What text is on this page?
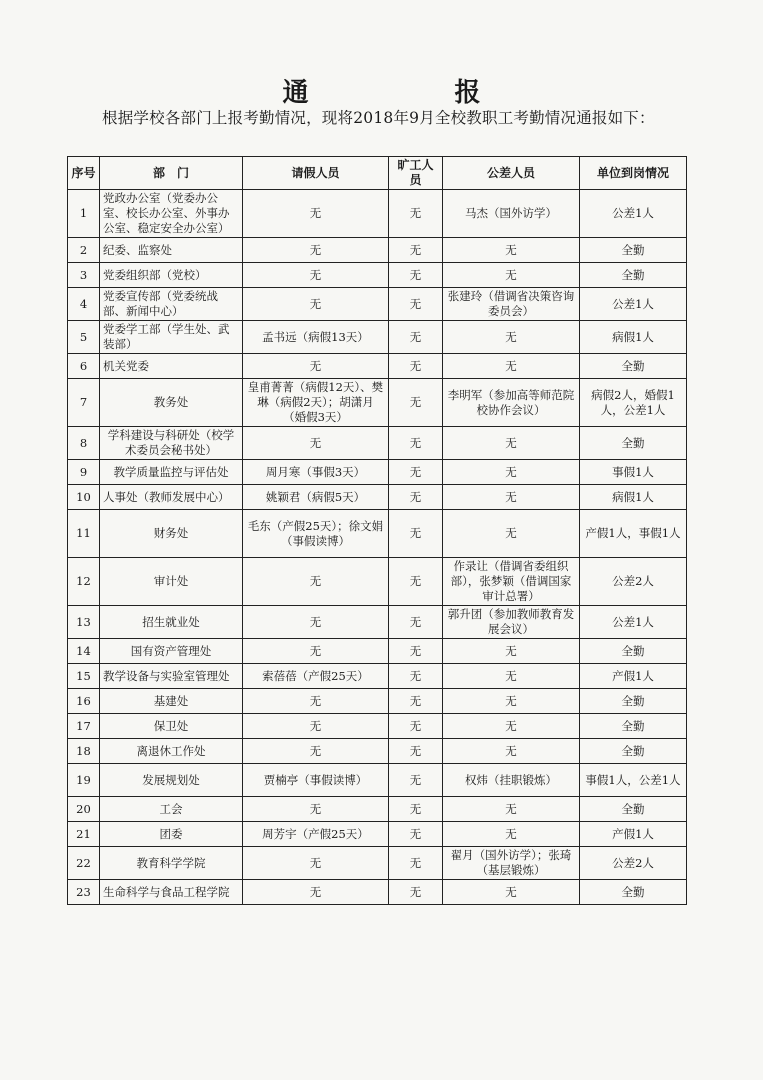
通　报
根据学校各部门上报考勤情况，现将2018年9月全校教职工考勤情况通报如下：
序号	部　门	请假人员	旷工人员	公差人员	单位到岗情况
1	党政办公室（党委办公室、校长办公室、外事办公室、稳定安全办公室）	无	无	马杰（国外访学）	公差1人
2	纪委、监察处	无	无	无	全勤
3	党委组织部（党校）	无	无	无	全勤
4	党委宣传部（党委统战部、新闻中心）	无	无	张建玲（借调省决策咨询委员会）	公差1人
5	党委学工部（学生处、武装部）	孟书远（病假13天）	无	无	病假1人
6	机关党委	无	无	无	全勤
7	教务处	皇甫菁菁（病假12天）、樊琳（病假2天）；胡潇月（婚假3天）	无	李明军（参加高等师范院校协作会议）	病假2人，婚假1人，公差1人
8	学科建设与科研处（校学术委员会秘书处）	无	无	无	全勤
9	教学质量监控与评估处	周月寒（事假3天）	无	无	事假1人
10	人事处（教师发展中心）	姚颖君（病假5天）	无	无	病假1人
11	财务处	毛东（产假25天）；徐文娟（事假读博）	无	无	产假1人，事假1人
12	审计处	无	无	作录让（借调省委组织部），张梦颖（借调国家审计总署）	公差2人
13	招生就业处	无	无	郭升团（参加教师教育发展会议）	公差1人
14	国有资产管理处	无	无	无	全勤
15	教学设备与实验室管理处	索蓓蓓（产假25天）	无	无	产假1人
16	基建处	无	无	无	全勤
17	保卫处	无	无	无	全勤
18	离退休工作处	无	无	无	全勤
19	发展规划处	贾楠亭（事假读博）	无	权炜（挂职锻炼）	事假1人，公差1人
20	工会	无	无	无	全勤
21	团委	周芳宇（产假25天）	无	无	产假1人
22	教育科学学院	无	无	翟月（国外访学）；张琦（基层锻炼）	公差2人
23	生命科学与食品工程学院	无	无	无	全勤
